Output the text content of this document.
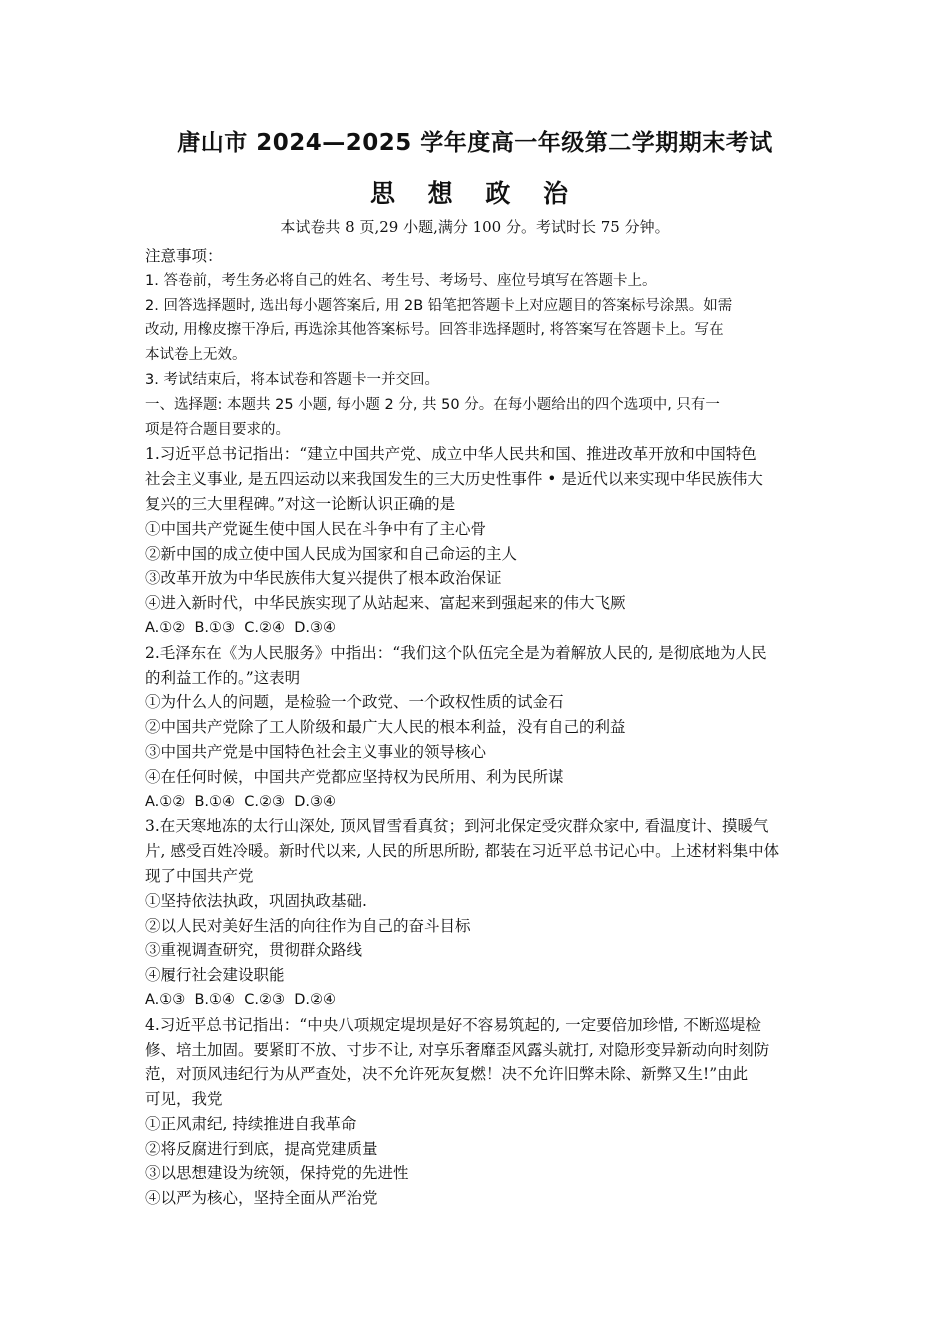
唐山市 2024—2025 学年度高一年级第二学期期末考试
思 想 政 治
本试卷共 8 页,29 小题,满分 100 分。考试时长 75 分钟。
注意事项：
1. 答卷前，考生务必将自己的姓名、考生号、考场号、座位号填写在答题卡上。
2. 回答选择题时, 选出每小题答案后, 用 2B 铅笔把答题卡上对应题目的答案标号涂黑。如需
改动, 用橡皮擦干净后, 再选涂其他答案标号。回答非选择题时, 将答案写在答题卡上。写在
本试卷上无效。
3. 考试结束后，将本试卷和答题卡一并交回。
一、选择题: 本题共 25 小题, 每小题 2 分, 共 50 分。在每小题给出的四个选项中, 只有一
项是符合题目要求的。
1.习近平总书记指出：“建立中国共产党、成立中华人民共和国、推进改革开放和中国特色
社会主义事业, 是五四运动以来我国发生的三大历史性事件 • 是近代以来实现中华民族伟大
复兴的三大里程碑。”对这一论断认识正确的是
①中国共产党诞生使中国人民在斗争中有了主心骨
②新中国的成立使中国人民成为国家和自己命运的主人
③改革开放为中华民族伟大复兴提供了根本政治保证
④进入新时代，中华民族实现了从站起来、富起来到强起来的伟大飞厥
A.①②  B.①③  C.②④  D.③④
2.毛泽东在《为人民服务》中指出：“我们这个队伍完全是为着解放人民的, 是彻底地为人民
的利益工作的。”这表明
①为什么人的问题，是检验一个政党、一个政权性质的试金石
②中国共产党除了工人阶级和最广大人民的根本利益，没有自己的利益
③中国共产党是中国特色社会主义事业的领导核心
④在任何时候，中国共产党都应坚持权为民所用、利为民所谋
A.①②  B.①④  C.②③  D.③④
3.在天寒地冻的太行山深处, 顶风冒雪看真贫；到河北保定受灾群众家中, 看温度计、摸暖气
片, 感受百姓冷暖。新时代以来, 人民的所思所盼, 都装在习近平总书记心中。上述材料集中体
现了中国共产党
①坚持依法执政，巩固执政基础.
②以人民对美好生活的向往作为自己的奋斗目标
③重视调查研究，贯彻群众路线
④履行社会建设职能
A.①③  B.①④  C.②③  D.②④
4.习近平总书记指出：“中央八项规定堤坝是好不容易筑起的, 一定要倍加珍惜, 不断巡堤检
修、培土加固。要紧盯不放、寸步不让, 对享乐奢靡歪风露头就打, 对隐形变异新动向时刻防
范，对顶风违纪行为从严查处，决不允许死灰复燃！决不允许旧弊未除、新弊又生!”由此
可见，我党
①正风肃纪, 持续推进自我革命
②将反腐进行到底，提高党建质量
③以思想建设为统领，保持党的先进性
④以严为核心，坚持全面从严治党
